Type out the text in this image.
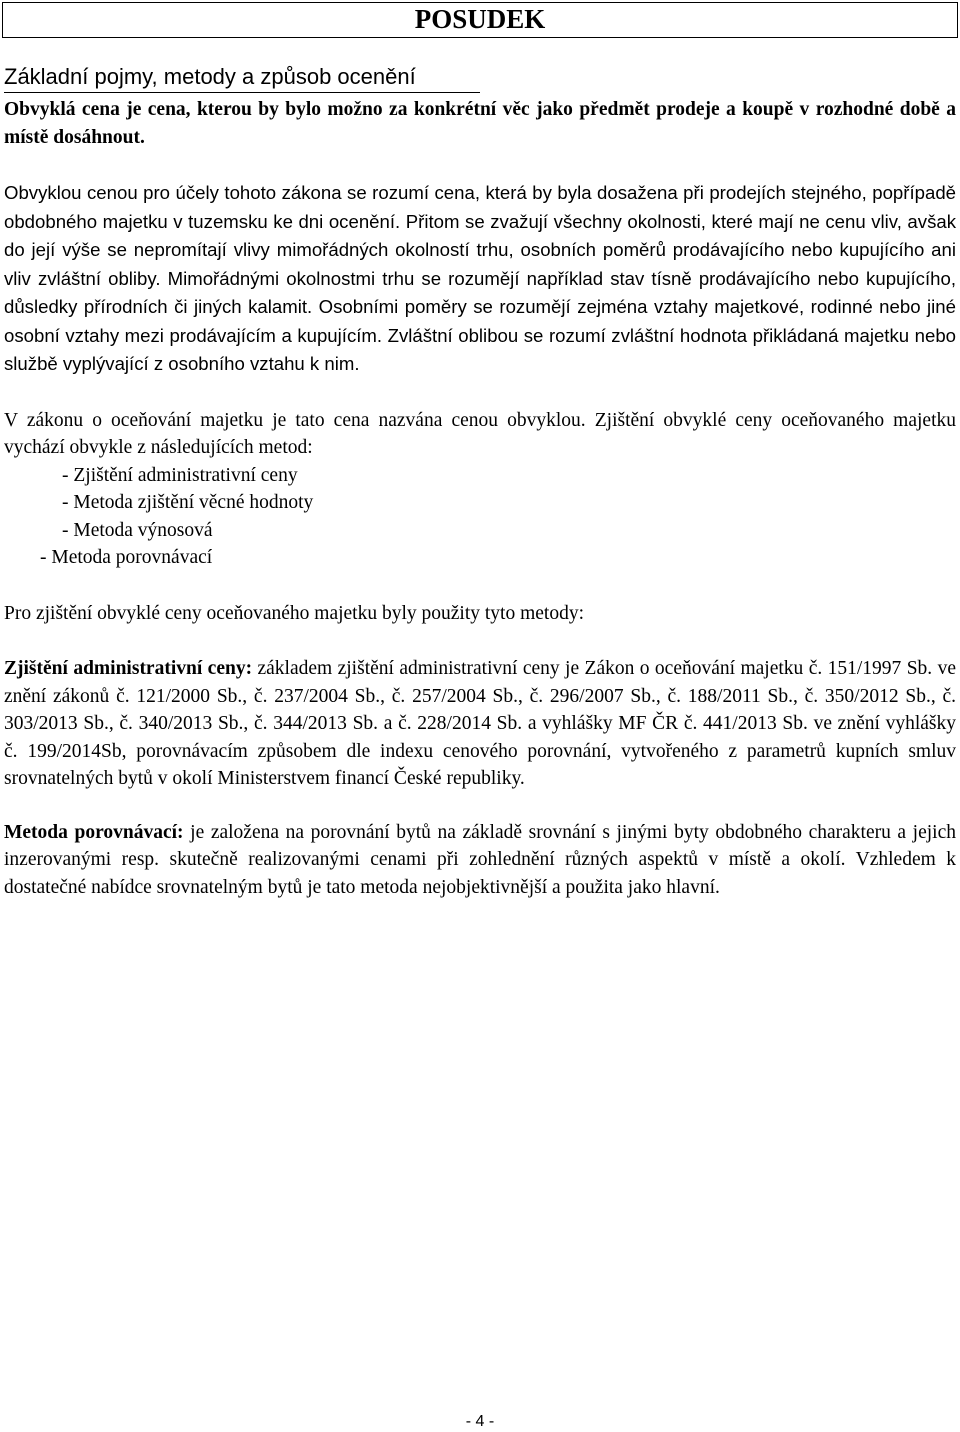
POSUDEK
Základní pojmy, metody a způsob ocenění

Obvyklá cena je cena, kterou by bylo možno za konkrétní věc jako předmět prodeje a koupě v rozhodné době a místě dosáhnout.

Obvyklou cenou pro účely tohoto zákona se rozumí cena, která by byla dosažena při prodejích stejného, popřípadě obdobného majetku v tuzemsku ke dni ocenění. Přitom se zvažují všechny okolnosti, které mají ne cenu vliv, avšak do její výše se nepromítají vlivy mimořádných okolností trhu, osobních poměrů prodávajícího nebo kupujícího ani vliv zvláštní obliby. Mimořádnými okolnostmi trhu se rozumějí například stav tísně prodávajícího nebo kupujícího, důsledky přírodních či jiných kalamit. Osobními poměry se rozumějí zejména vztahy majetkové, rodinné nebo jiné osobní vztahy mezi prodávajícím a kupujícím. Zvláštní oblibou se rozumí zvláštní hodnota přikládaná majetku nebo službě vyplývající z osobního vztahu k nim.

V zákonu o oceňování majetku je tato cena nazvána cenou obvyklou. Zjištění obvyklé ceny oceňovaného majetku vychází obvykle z následujících metod:

- Zjištění administrativní ceny
- Metoda zjištění věcné hodnoty
- Metoda výnosová
- Metoda porovnávací

Pro zjištění obvyklé ceny oceňovaného majetku byly použity tyto metody:

Zjištění administrativní ceny: základem zjištění administrativní ceny je Zákon o oceňování majetku č. 151/1997 Sb. ve znění zákonů č. 121/2000 Sb., č. 237/2004 Sb., č. 257/2004 Sb., č. 296/2007 Sb., č. 188/2011 Sb., č. 350/2012 Sb., č. 303/2013 Sb., č. 340/2013 Sb., č. 344/2013 Sb. a č. 228/2014 Sb. a vyhlášky MF ČR č. 441/2013 Sb. ve znění vyhlášky č. 199/2014Sb, porovnávacím způsobem dle indexu cenového porovnání, vytvořeného z parametrů kupních smluv srovnatelných bytů v okolí Ministerstvem financí České republiky.

Metoda porovnávací: je založena na porovnání bytů na základě srovnání s jinými byty obdobného charakteru a jejich inzerovanými resp. skutečně realizovanými cenami při zohlednění různých aspektů v místě a okolí. Vzhledem k dostatečné nabídce srovnatelným bytů je tato metoda nejobjektivnější a použita jako hlavní.

- 4 -
